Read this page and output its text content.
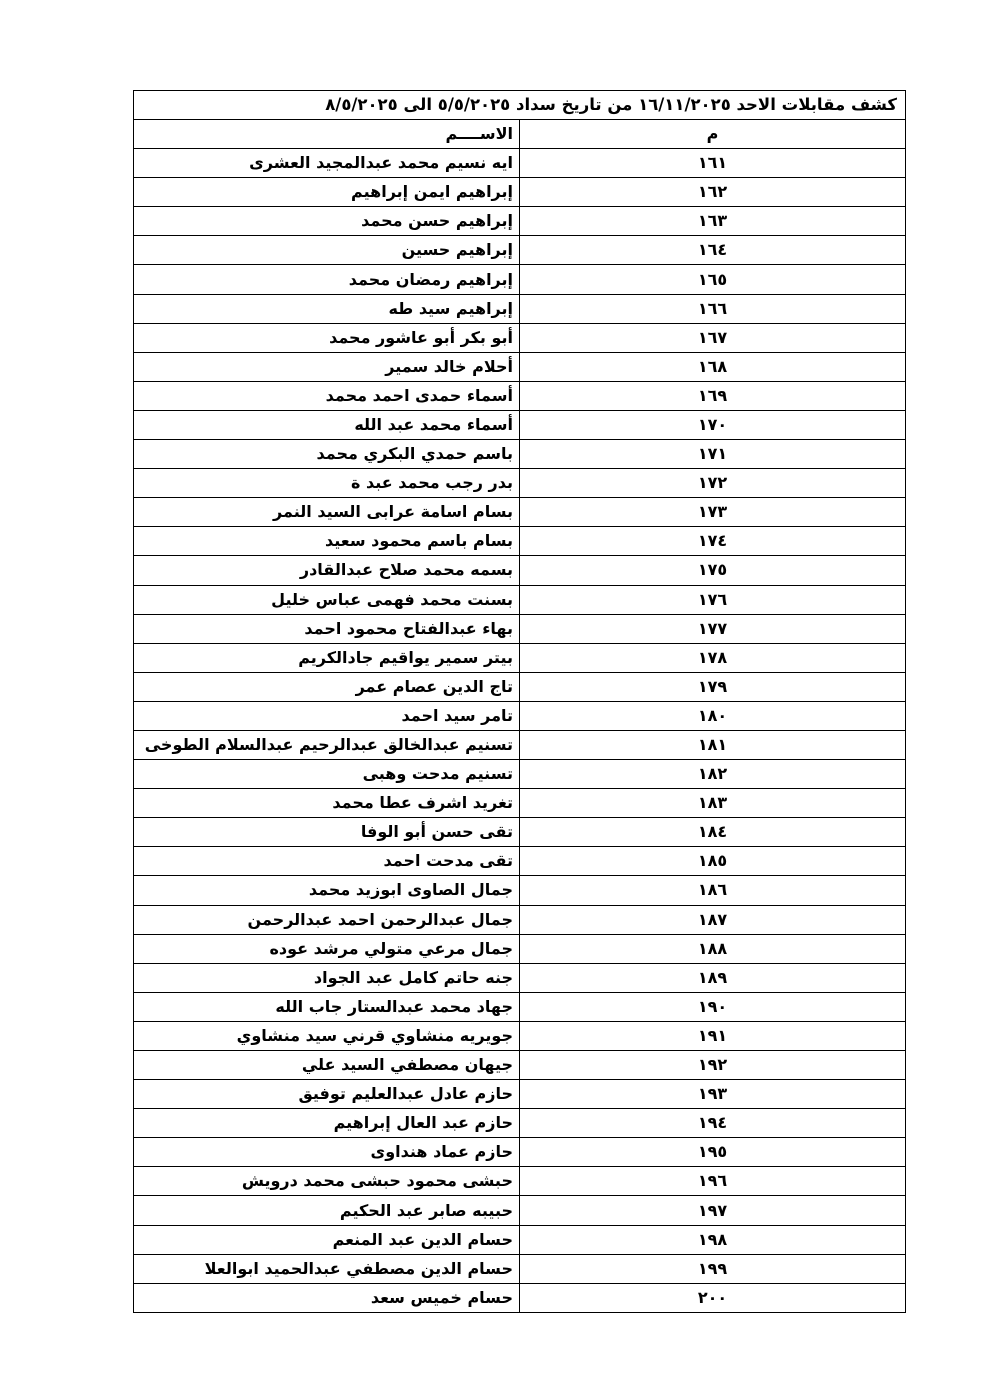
كشف مقابلات الاحد ١٦/١١/٢٠٢٥ من تاريخ سداد ٥/٥/٢٠٢٥ الى ٨/٥/٢٠٢٥	
م	الاســــم
١٦١	ايه نسيم محمد عبدالمجيد العشرى
١٦٢	إبراهيم ايمن إبراهيم
١٦٣	إبراهيم حسن محمد
١٦٤	إبراهيم حسين
١٦٥	إبراهيم رمضان محمد
١٦٦	إبراهيم سيد طه
١٦٧	أبو بكر أبو عاشور محمد
١٦٨	أحلام خالد سمير
١٦٩	أسماء حمدى احمد محمد
١٧٠	أسماء محمد عبد الله
١٧١	باسم حمدي البكري محمد
١٧٢	بدر رجب محمد عبد ة
١٧٣	بسام اسامة عرابى السيد النمر
١٧٤	بسام باسم محمود سعيد
١٧٥	بسمه محمد صلاح عبدالقادر
١٧٦	بسنت محمد فهمى عباس خليل
١٧٧	بهاء عبدالفتاح محمود احمد
١٧٨	بيتر سمير يواقيم جادالكريم
١٧٩	تاج الدين عصام عمر
١٨٠	تامر سيد احمد
١٨١	تسنيم عبدالخالق عبدالرحيم عبدالسلام الطوخى
١٨٢	تسنيم مدحت وهبى
١٨٣	تغريد اشرف عطا محمد
١٨٤	تقى حسن أبو الوفا
١٨٥	تقى مدحت احمد
١٨٦	جمال الصاوى ابوزيد محمد
١٨٧	جمال عبدالرحمن احمد عبدالرحمن
١٨٨	جمال مرعي متولي مرشد عوده
١٨٩	جنه حاتم كامل عبد الجواد
١٩٠	جهاد محمد عبدالستار جاب الله
١٩١	جويريه منشاوي قرني سيد منشاوي
١٩٢	جيهان مصطفي السيد علي
١٩٣	حازم عادل عبدالعليم توفيق
١٩٤	حازم عبد العال إبراهيم
١٩٥	حازم عماد هنداوى
١٩٦	حبشى محمود حبشى محمد درويش
١٩٧	حبيبه صابر عبد الحكيم
١٩٨	حسام الدين عبد المنعم
١٩٩	حسام الدين مصطفي عبدالحميد ابوالعلا
٢٠٠	حسام خميس سعد
